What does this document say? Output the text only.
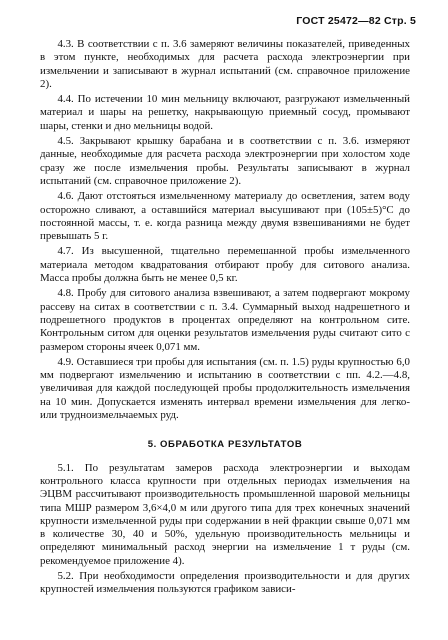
ГОСТ 25472—82 Стр. 5

4.3. В соответствии с п. 3.6 замеряют величины показателей, приведенных в этом пункте, необходимых для расчета расхода электроэнергии при измельчении и записывают в журнал испытаний (см. справочное приложение 2).

4.4. По истечении 10 мин мельницу включают, разгружают измельченный материал и шары на решетку, накрывающую приемный сосуд, промывают шары, стенки и дно мельницы водой.

4.5. Закрывают крышку барабана и в соответствии с п. 3.6. измеряют данные, необходимые для расчета расхода электроэнергии при холостом ходе сразу же после измельчения пробы. Результаты записывают в журнал испытаний (см. справочное приложение 2).

4.6. Дают отстояться измельченному материалу до осветления, затем воду осторожно сливают, а оставшийся материал высушивают при (105±5)°С до постоянной массы, т. е. когда разница между двумя взвешиваниями не будет превышать 5 г.

4.7. Из высушенной, тщательно перемешанной пробы измельченного материала методом квадратования отбирают пробу для ситового анализа. Масса пробы должна быть не менее 0,5 кг.

4.8. Пробу для ситового анализа взвешивают, а затем подвергают мокрому рассеву на ситах в соответствии с п. 3.4. Суммарный выход надрешетного и подрешетного продуктов в процентах определяют на контрольном сите. Контрольным ситом для оценки результатов измельчения руды считают сито с размером стороны ячеек 0,071 мм.

4.9. Оставшиеся три пробы для испытания (см. п. 1.5) руды крупностью 6,0 мм подвергают измельчению и испытанию в соответствии с пп. 4.2.—4.8, увеличивая для каждой последующей пробы продолжительность измельчения на 10 мин. Допускается изменять интервал времени измельчения для легко- или трудноизмельчаемых руд.

5. ОБРАБОТКА РЕЗУЛЬТАТОВ

5.1. По результатам замеров расхода электроэнергии и выходам контрольного класса крупности при отдельных периодах измельчения на ЭЦВМ рассчитывают производительность промышленной шаровой мельницы типа МШР размером 3,6×4,0 м или другого типа для трех конечных значений крупности измельченной руды при содержании в ней фракции свыше 0,071 мм в количестве 30, 40 и 50%, удельную производительность мельницы и определяют минимальный расход энергии на измельчение 1 т руды (см. рекомендуемое приложение 4).

5.2. При необходимости определения производительности и для других крупностей измельчения пользуются графиком зависи-
